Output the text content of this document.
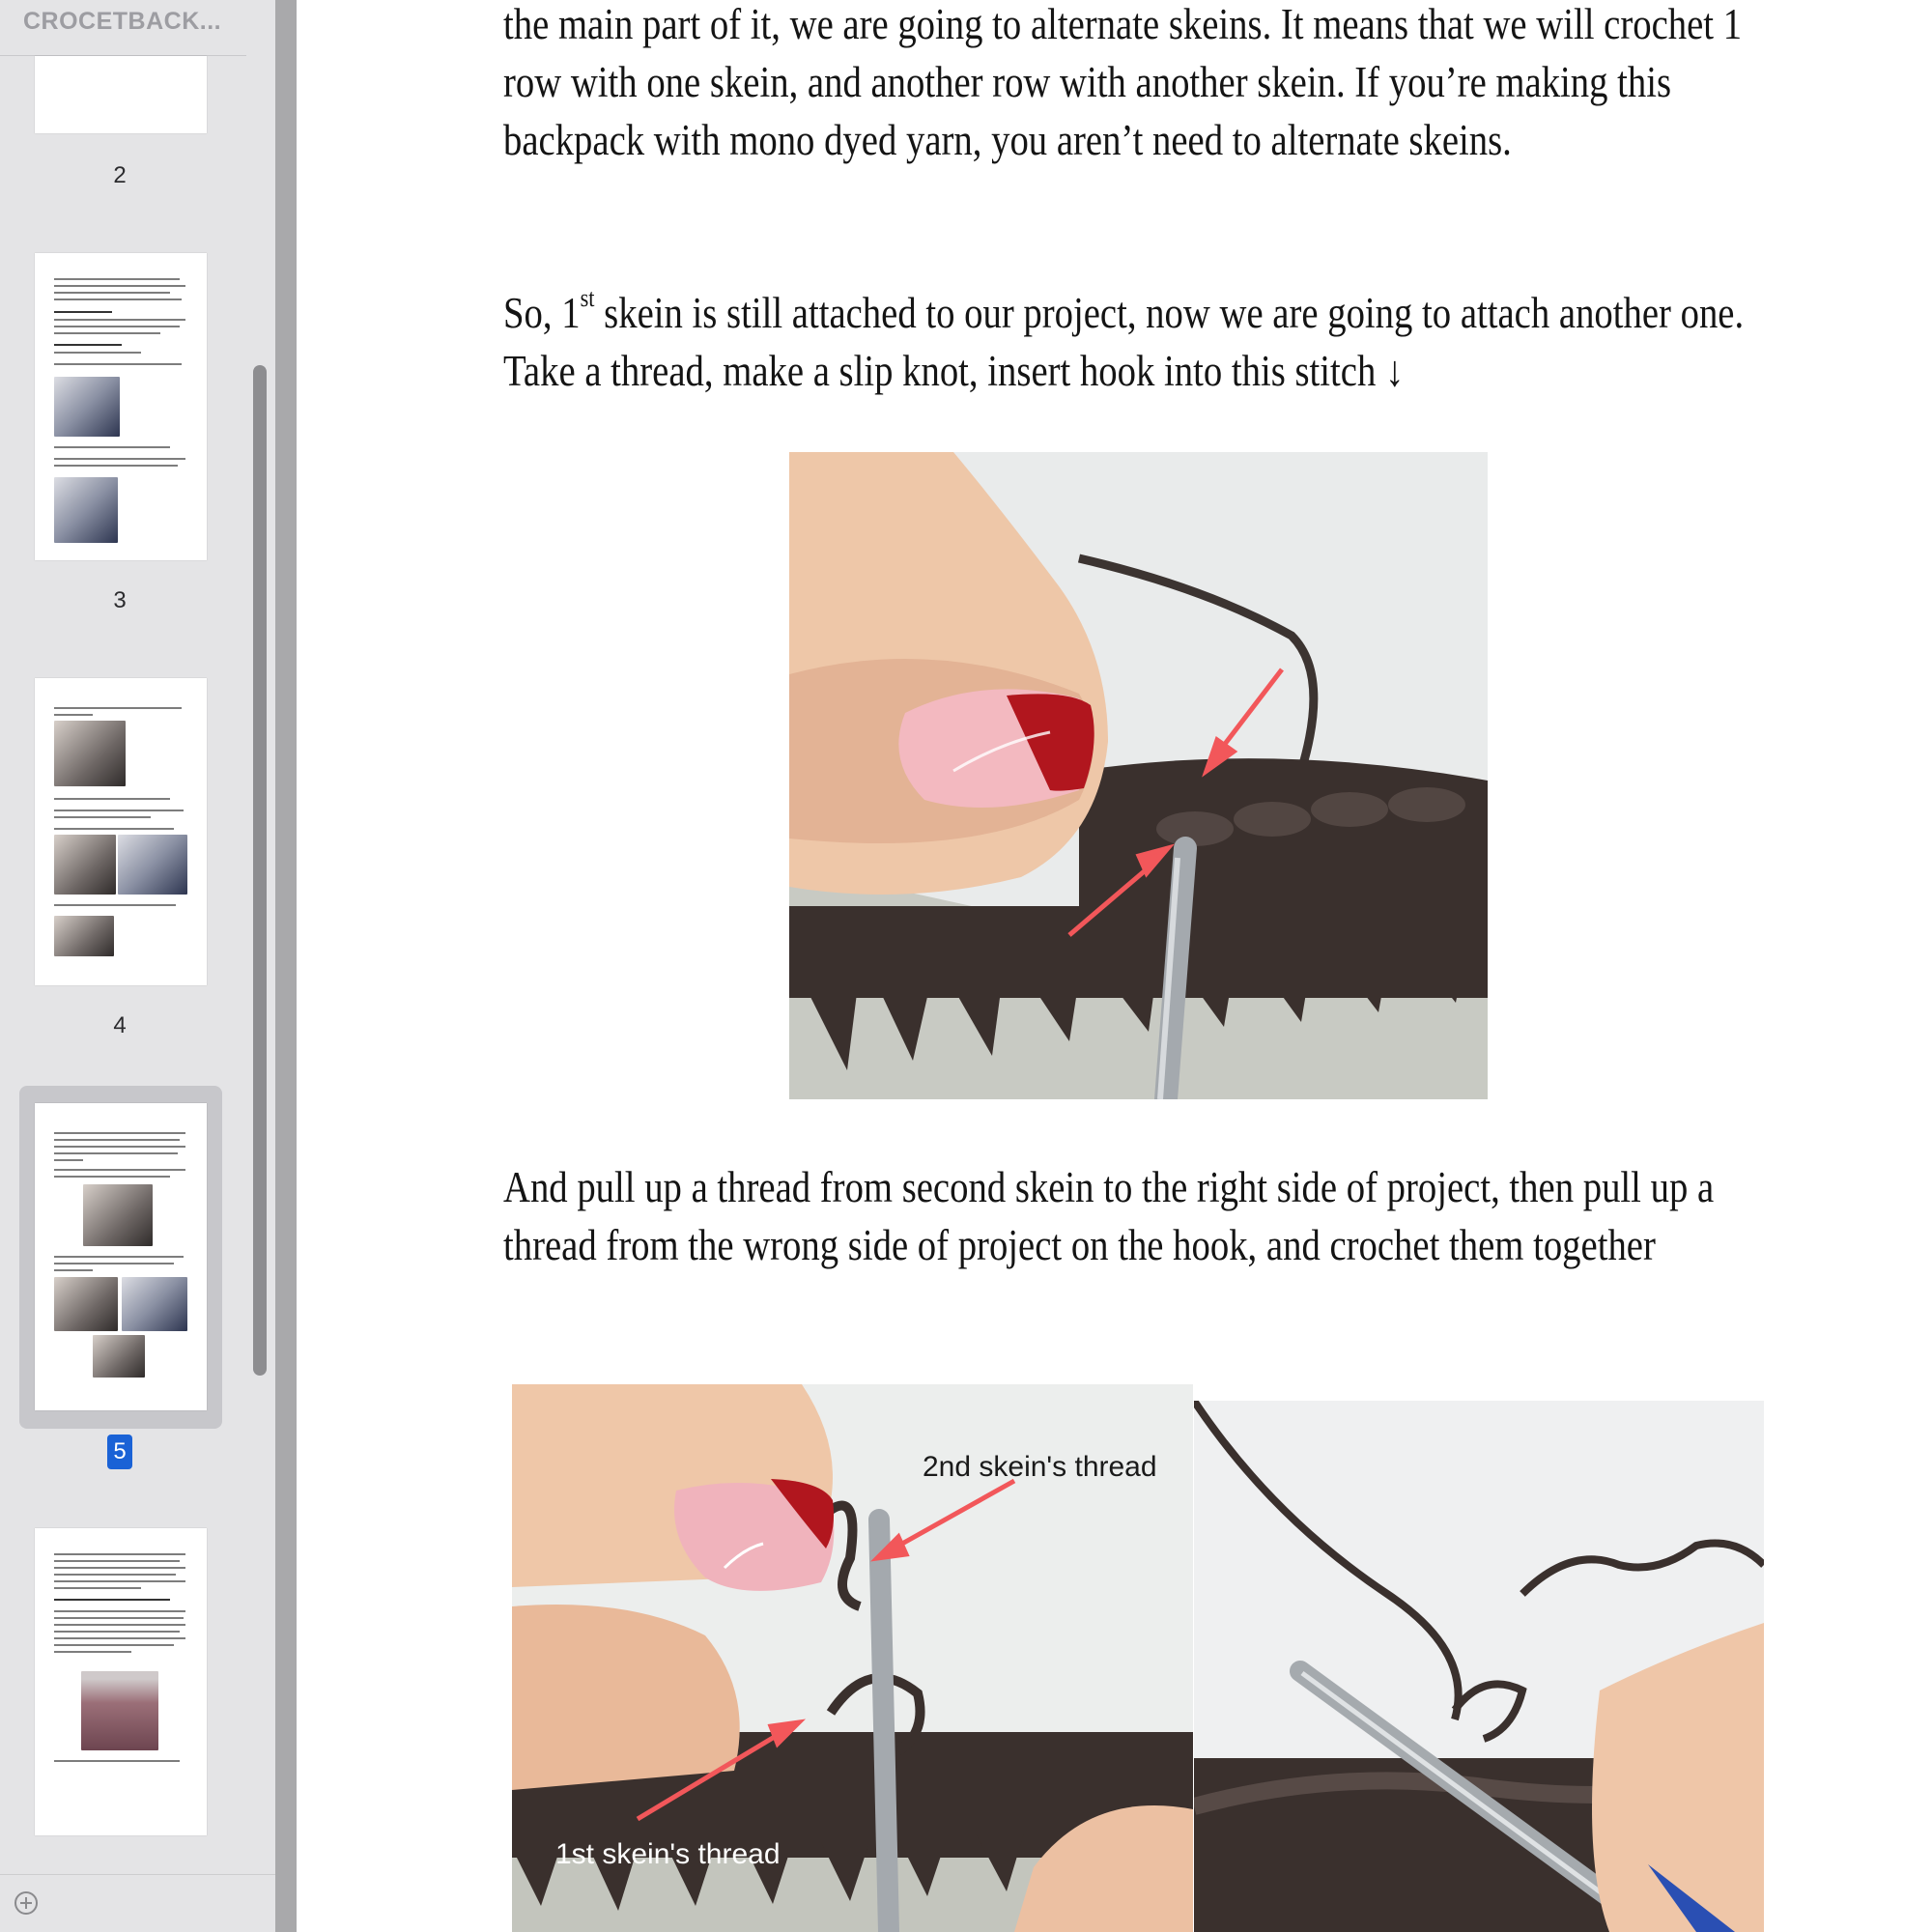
CROCETBACK...
2
3
4
5

the main part of it, we are going to alternate skeins. It means that we will crochet 1 row with one skein, and another row with another skein. If you’re making this backpack with mono dyed yarn, you aren’t need to alternate skeins.

So, 1st skein is still attached to our project, now we are going to attach another one. Take a thread, make a slip knot, insert hook into this stitch ↓

And pull up a thread from second skein to the right side of project, then pull up a thread from the wrong side of project on the hook, and crochet them together

2nd skein's thread
1st skein's thread
